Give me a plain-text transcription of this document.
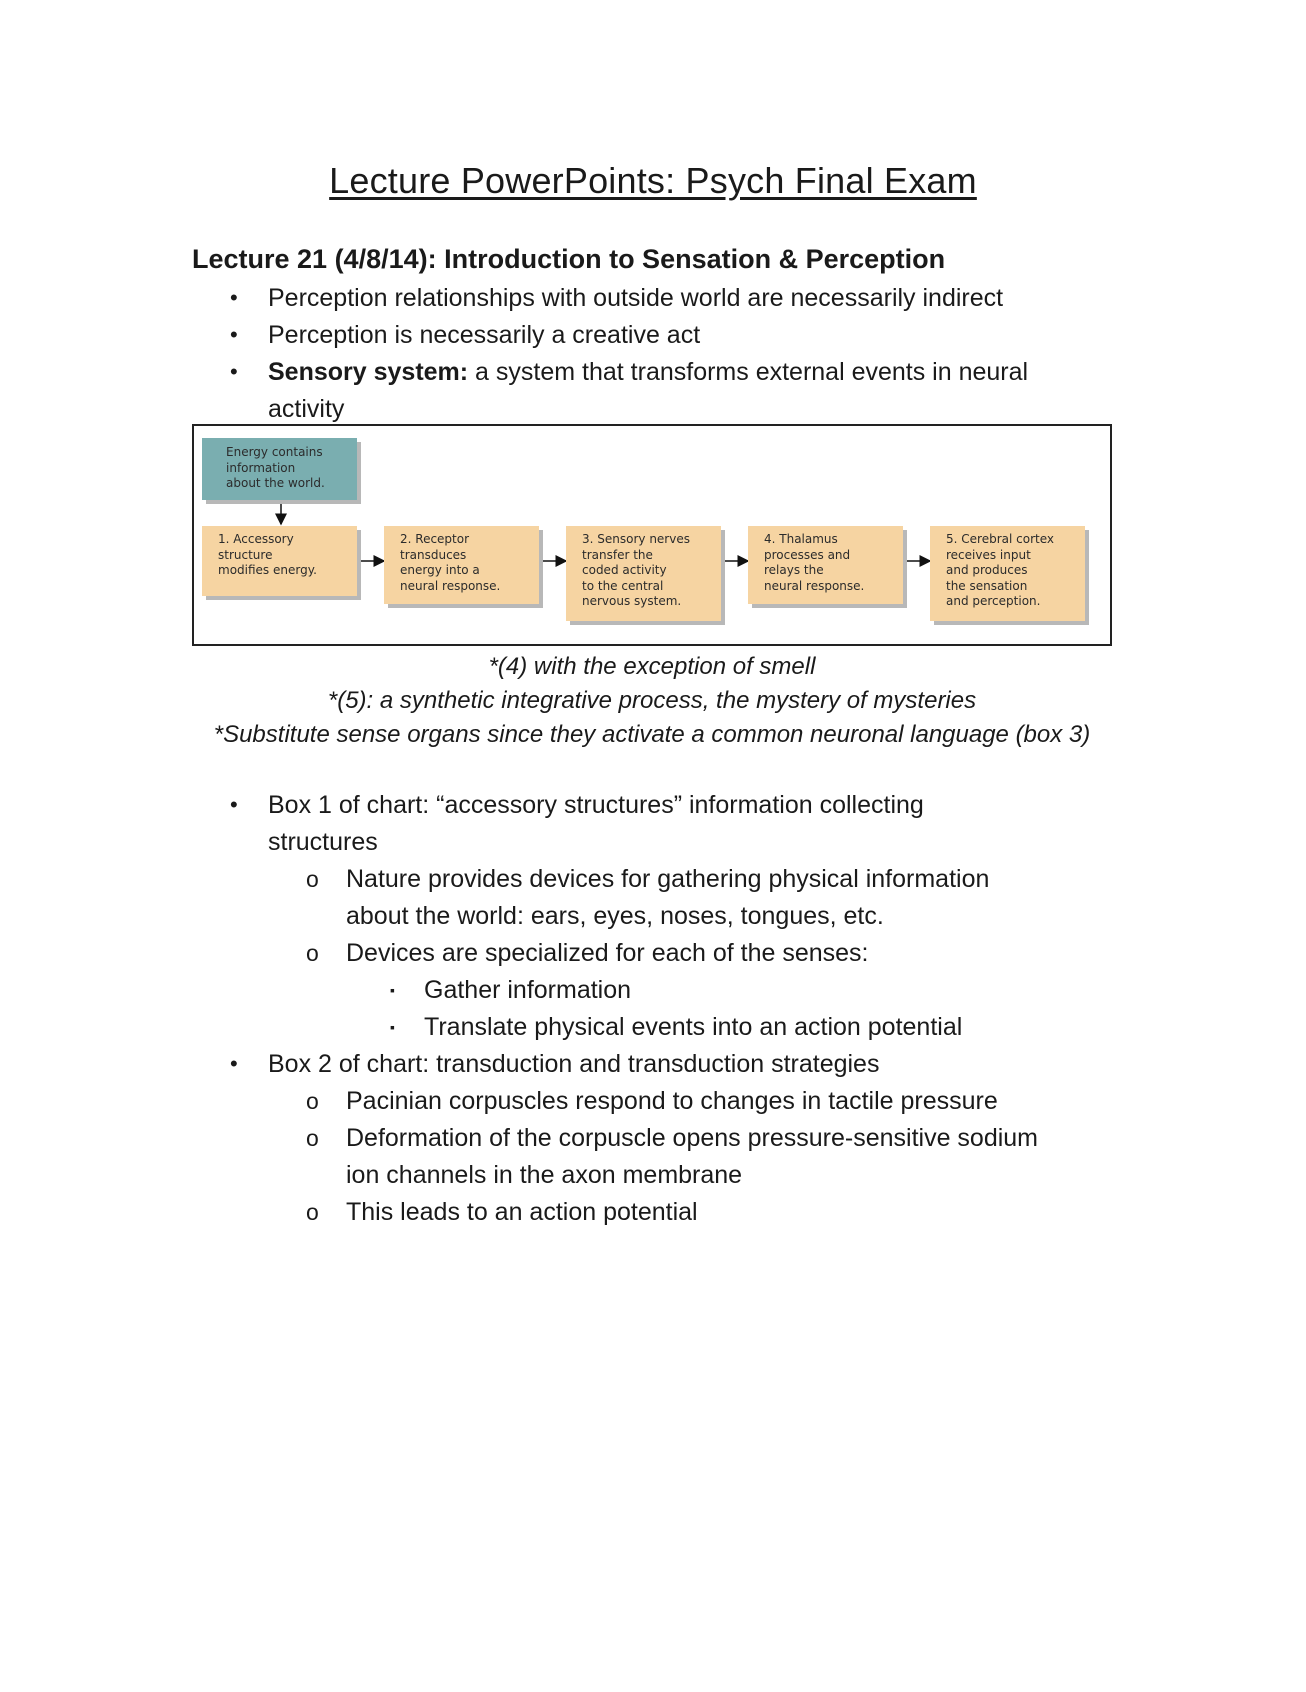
Lecture PowerPoints: Psych Final Exam
Lecture 21 (4/8/14): Introduction to Sensation & Perception
• Perception relationships with outside world are necessarily indirect
• Perception is necessarily a creative act
• Sensory system: a system that transforms external events in neural
activity
Energy contains
information
about the world.
1. Accessory
structure
modifies energy.
2. Receptor
transduces
energy into a
neural response.
3. Sensory nerves
transfer the
coded activity
to the central
nervous system.
4. Thalamus
processes and
relays the
neural response.
5. Cerebral cortex
receives input
and produces
the sensation
and perception.
*(4) with the exception of smell
*(5): a synthetic integrative process, the mystery of mysteries
*Substitute sense organs since they activate a common neuronal language (box 3)
• Box 1 of chart: “accessory structures” information collecting
structures
o Nature provides devices for gathering physical information
about the world: ears, eyes, noses, tongues, etc.
o Devices are specialized for each of the senses:
▪ Gather information
▪ Translate physical events into an action potential
• Box 2 of chart: transduction and transduction strategies
o Pacinian corpuscles respond to changes in tactile pressure
o Deformation of the corpuscle opens pressure-sensitive sodium
ion channels in the axon membrane
o This leads to an action potential
